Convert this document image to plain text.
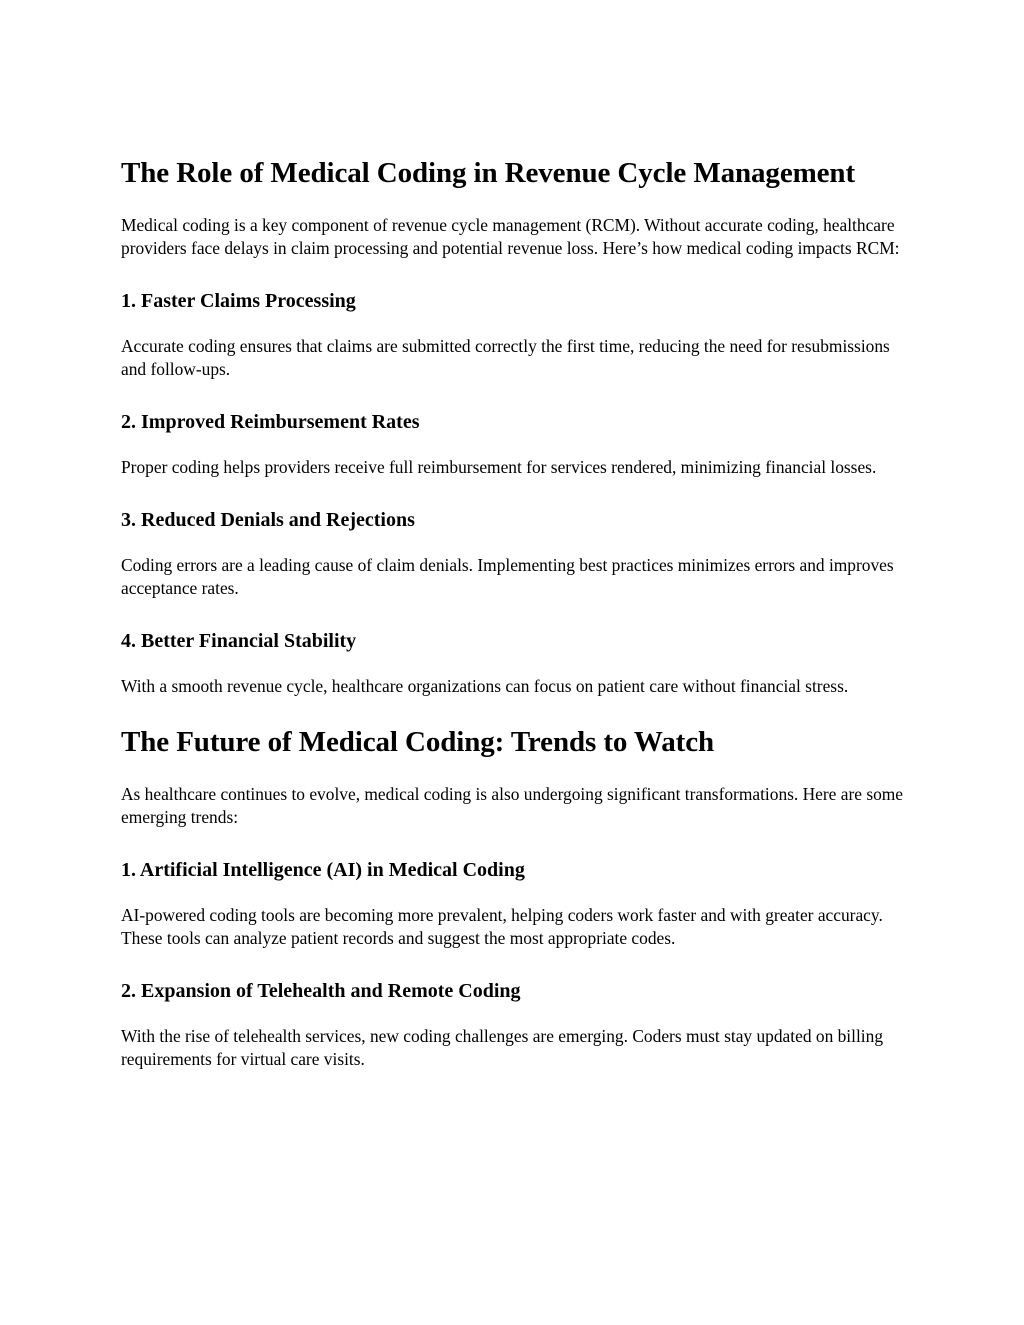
The Role of Medical Coding in Revenue Cycle Management

Medical coding is a key component of revenue cycle management (RCM). Without accurate coding, healthcare providers face delays in claim processing and potential revenue loss. Here’s how medical coding impacts RCM:

1. Faster Claims Processing

Accurate coding ensures that claims are submitted correctly the first time, reducing the need for resubmissions and follow-ups.

2. Improved Reimbursement Rates

Proper coding helps providers receive full reimbursement for services rendered, minimizing financial losses.

3. Reduced Denials and Rejections

Coding errors are a leading cause of claim denials. Implementing best practices minimizes errors and improves acceptance rates.

4. Better Financial Stability

With a smooth revenue cycle, healthcare organizations can focus on patient care without financial stress.

The Future of Medical Coding: Trends to Watch

As healthcare continues to evolve, medical coding is also undergoing significant transformations. Here are some emerging trends:

1. Artificial Intelligence (AI) in Medical Coding

AI-powered coding tools are becoming more prevalent, helping coders work faster and with greater accuracy. These tools can analyze patient records and suggest the most appropriate codes.

2. Expansion of Telehealth and Remote Coding

With the rise of telehealth services, new coding challenges are emerging. Coders must stay updated on billing requirements for virtual care visits.
